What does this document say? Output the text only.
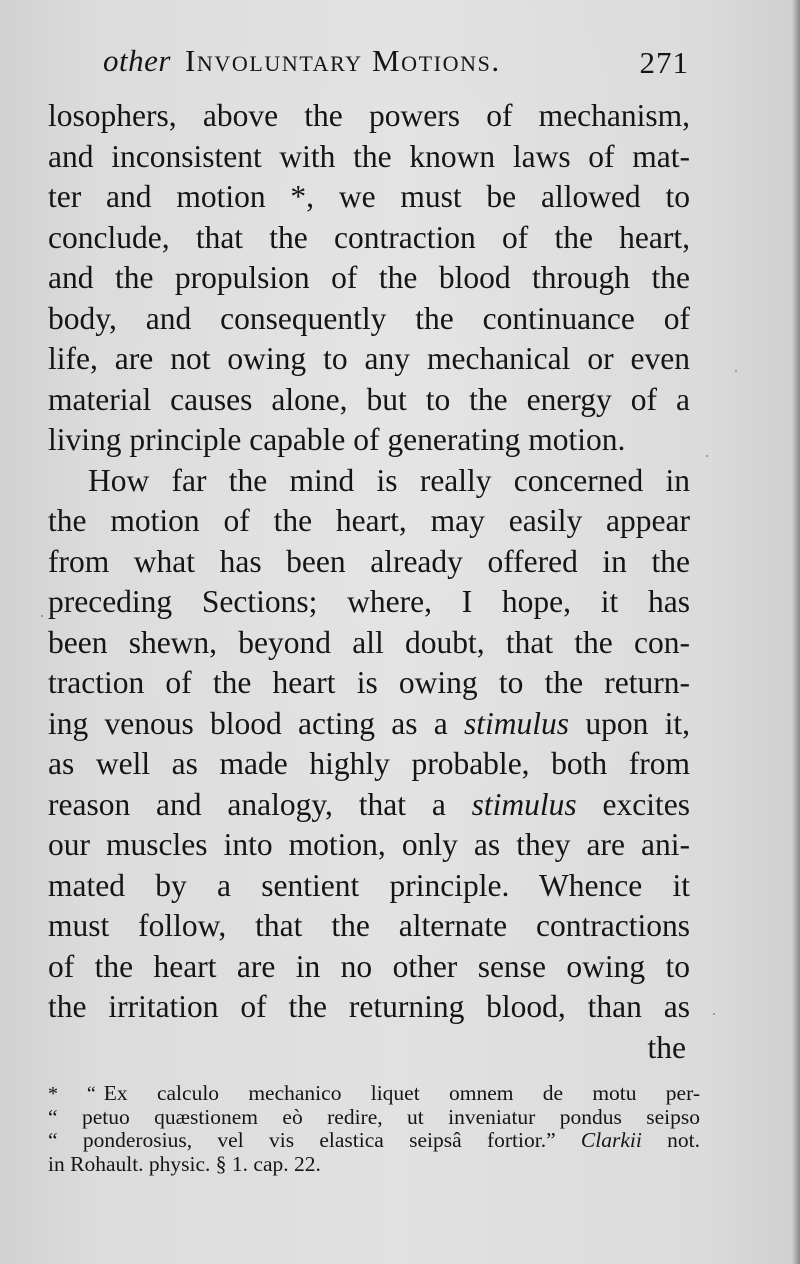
other Involuntary Motions.	271
losophers, above the powers of mechanism,
and inconsistent with the known laws of mat-
ter and motion *, we must be allowed to
conclude, that the contraction of the heart,
and the propulsion of the blood through the
body, and consequently the continuance of
life, are not owing to any mechanical or even
material causes alone, but to the energy of a
living principle capable of generating motion.
How far the mind is really concerned in
the motion of the heart, may easily appear
from what has been already offered in the
preceding Sections; where, I hope, it has
been shewn, beyond all doubt, that the con-
traction of the heart is owing to the return-
ing venous blood acting as a stimulus upon it,
as well as made highly probable, both from
reason and analogy, that a stimulus excites
our muscles into motion, only as they are ani-
mated by a sentient principle. Whence it
must follow, that the alternate contractions
of the heart are in no other sense owing to
the irritation of the returning blood, than as
the
* “ Ex calculo mechanico liquet omnem de motu per-
“ petuo quæstionem eò redire, ut inveniatur pondus seipso
“ ponderosius, vel vis elastica seipsâ fortior.” Clarkii not.
in Rohault. physic. § 1. cap. 22.
